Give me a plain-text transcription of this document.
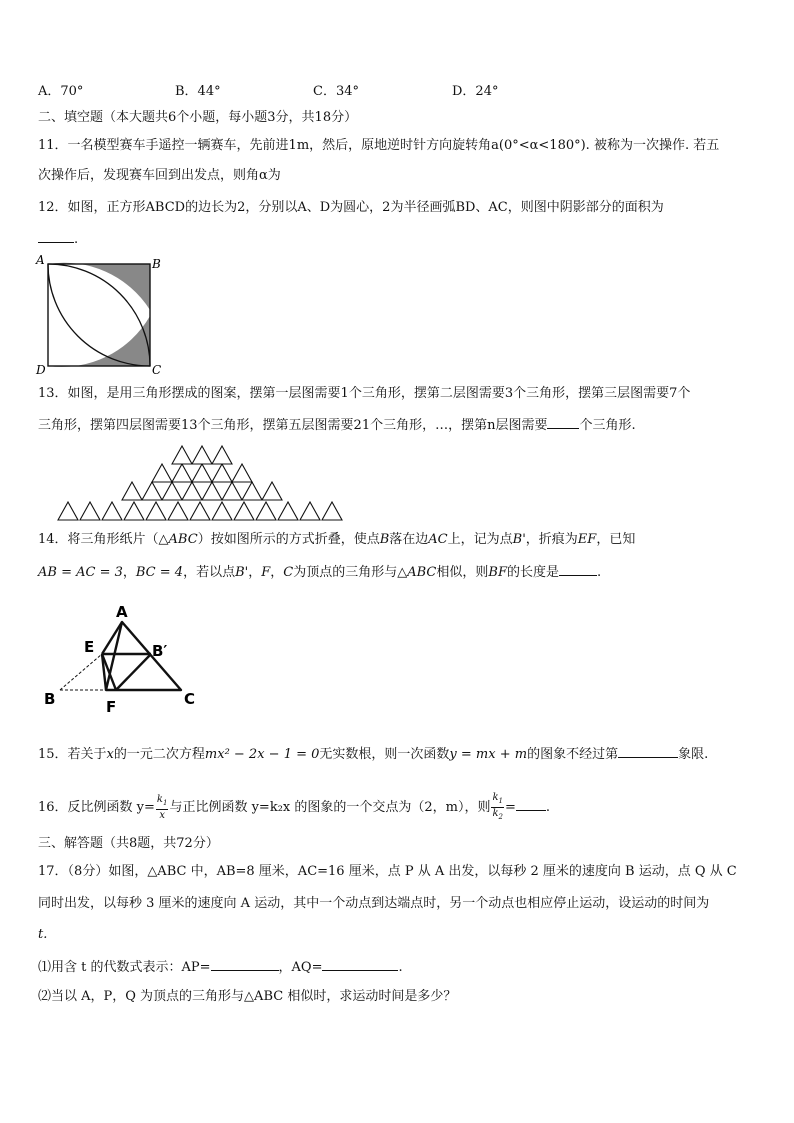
A．70°	B．44°	C．34°	D．24°
二、填空题（本大题共6个小题，每小题3分，共18分）
11．一名模型赛车手遥控一辆赛车，先前进1m，然后，原地逆时针方向旋转角a(0°<α<180°). 被称为一次操作. 若五
次操作后，发现赛车回到出发点，则角α为
12．如图，正方形ABCD的边长为2，分别以A、D为圆心，2为半径画弧BD、AC，则图中阴影部分的面积为
.
A	B
C
D
13．如图，是用三角形摆成的图案，摆第一层图需要1个三角形，摆第二层图需要3个三角形，摆第三层图需要7个
三角形，摆第四层图需要13个三角形，摆第五层图需要21个三角形，…，摆第n层图需要 个三角形.
14．将三角形纸片（△ABC）按如图所示的方式折叠，使点B落在边AC上，记为点B'，折痕为EF，已知
AB = AC = 3，BC = 4，若以点B'，F，C为顶点的三角形与△ABC相似，则BF的长度是	.
A
E	B′
B	F	C
15．若关于x的一元二次方程mx² − 2x − 1 = 0无实数根，则一次函数y = mx + m的图象不经过第	象限.
16．反比例函数 $y= \frac{k_1}{x}$ 与正比例函数 y=k₂x 的图象的一个交点为（2，m），则 $\frac{k_1}{k_2}$ = .
三、解答题（共8题，共72分）
17．（8分）如图，△ABC 中，AB=8 厘米，AC=16 厘米，点 P 从 A 出发，以每秒 2 厘米的速度向 B 运动，点 Q 从 C
同时出发，以每秒 3 厘米的速度向 A 运动，其中一个动点到达端点时，另一个动点也相应停止运动，设运动的时间为
t.
⑴用含 t 的代数式表示：AP=	，AQ=	.
⑵当以 A，P，Q 为顶点的三角形与△ABC 相似时，求运动时间是多少？
